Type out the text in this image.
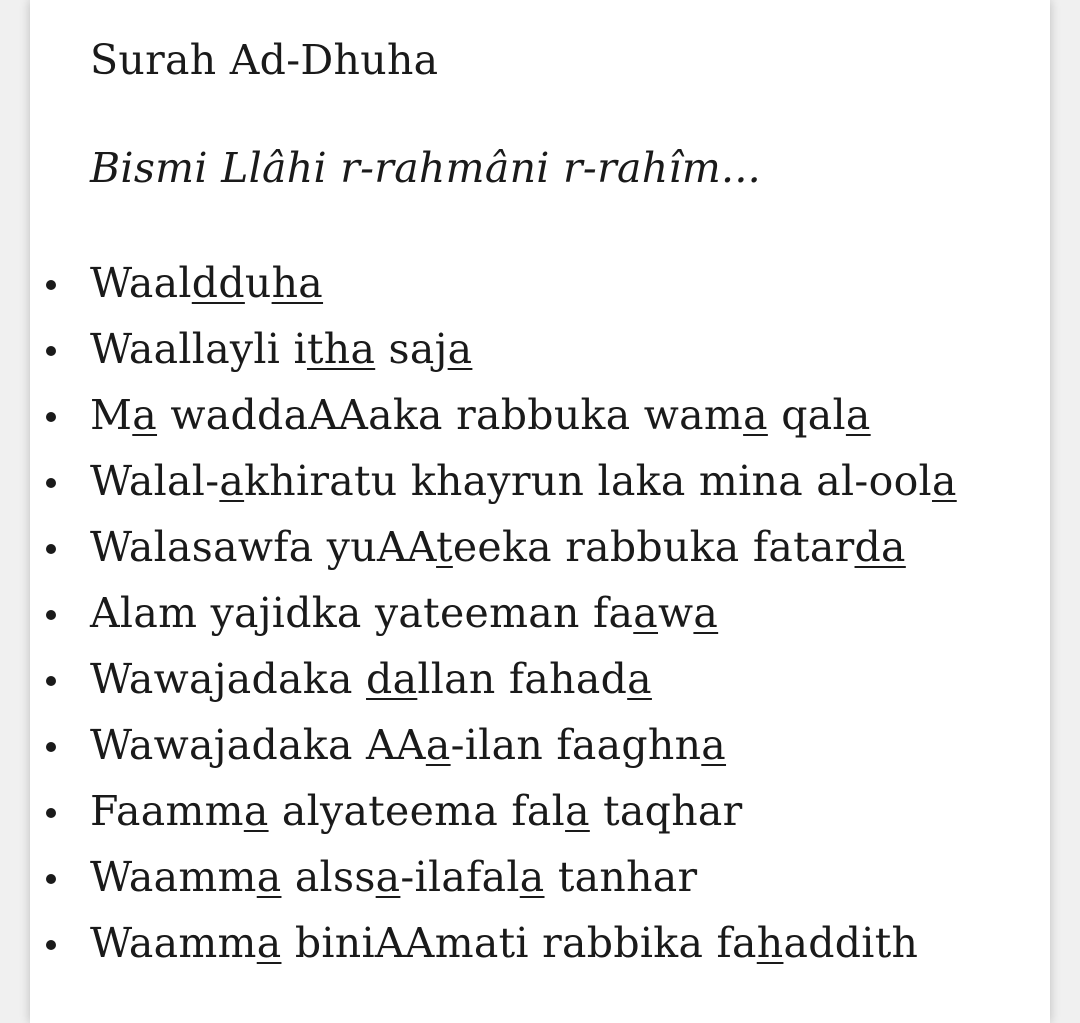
Surah Ad-Dhuha
Bismi Llâhi r-rahmâni r-rahîm...
Waaldduha
Waallayli itha saja
Ma waddaAAaka rabbuka wama qala
Walal-akhiratu khayrun laka mina al-oola
Walasawfa yuAAteeka rabbuka fatarda
Alam yajidka yateeman faawa
Wawajadaka dallan fahada
Wawajadaka AAa-ilan faaghna
Faamma alyateema fala taqhar
Waamma alssa-ilafala tanhar
Waamma biniAAmati rabbika fahaddith
